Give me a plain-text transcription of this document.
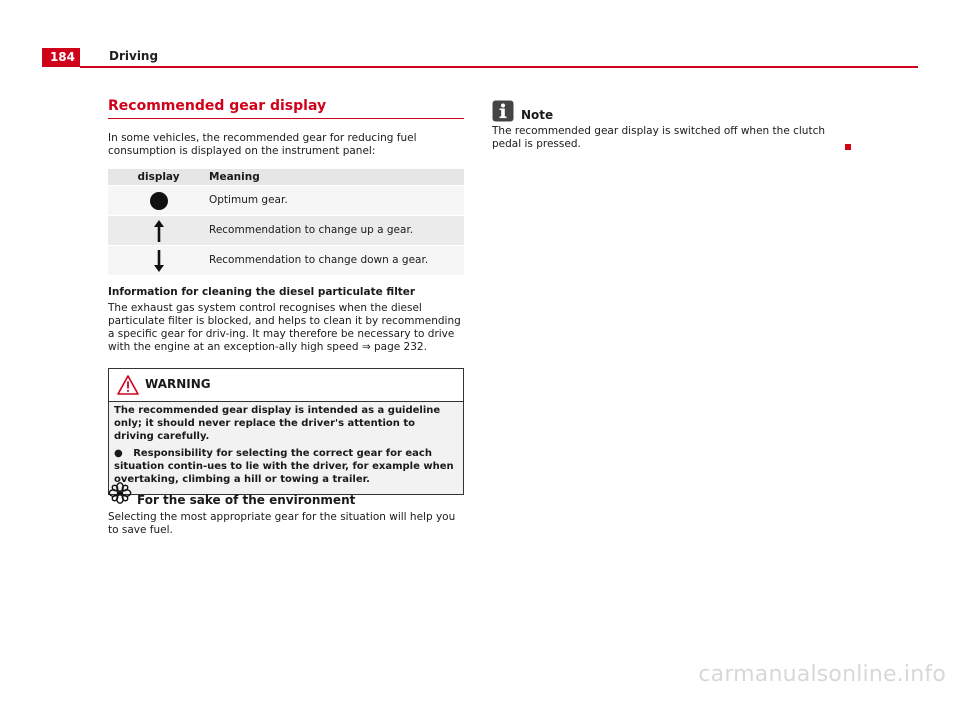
184	Driving
Recommended gear display
In some vehicles, the recommended gear for reducing fuel consumption is displayed on the instrument panel:
display	Meaning
	Optimum gear.
	Recommendation to change up a gear.
	Recommendation to change down a gear.
Information for cleaning the diesel particulate filter
The exhaust gas system control recognises when the diesel particulate filter is blocked, and helps to clean it by recommending a specific gear for driv-ing. It may therefore be necessary to drive with the engine at an exception-ally high speed ⇒ page 232.
WARNING

The recommended gear display is intended as a guideline only; it should never replace the driver's attention to driving carefully.

● Responsibility for selecting the correct gear for each situation contin-ues to lie with the driver, for example when overtaking, climbing a hill or towing a trailer.

For the sake of the environment
Selecting the most appropriate gear for the situation will help you to save fuel.
Note
The recommended gear display is switched off when the clutch pedal is pressed.
carmanualsonline.info
